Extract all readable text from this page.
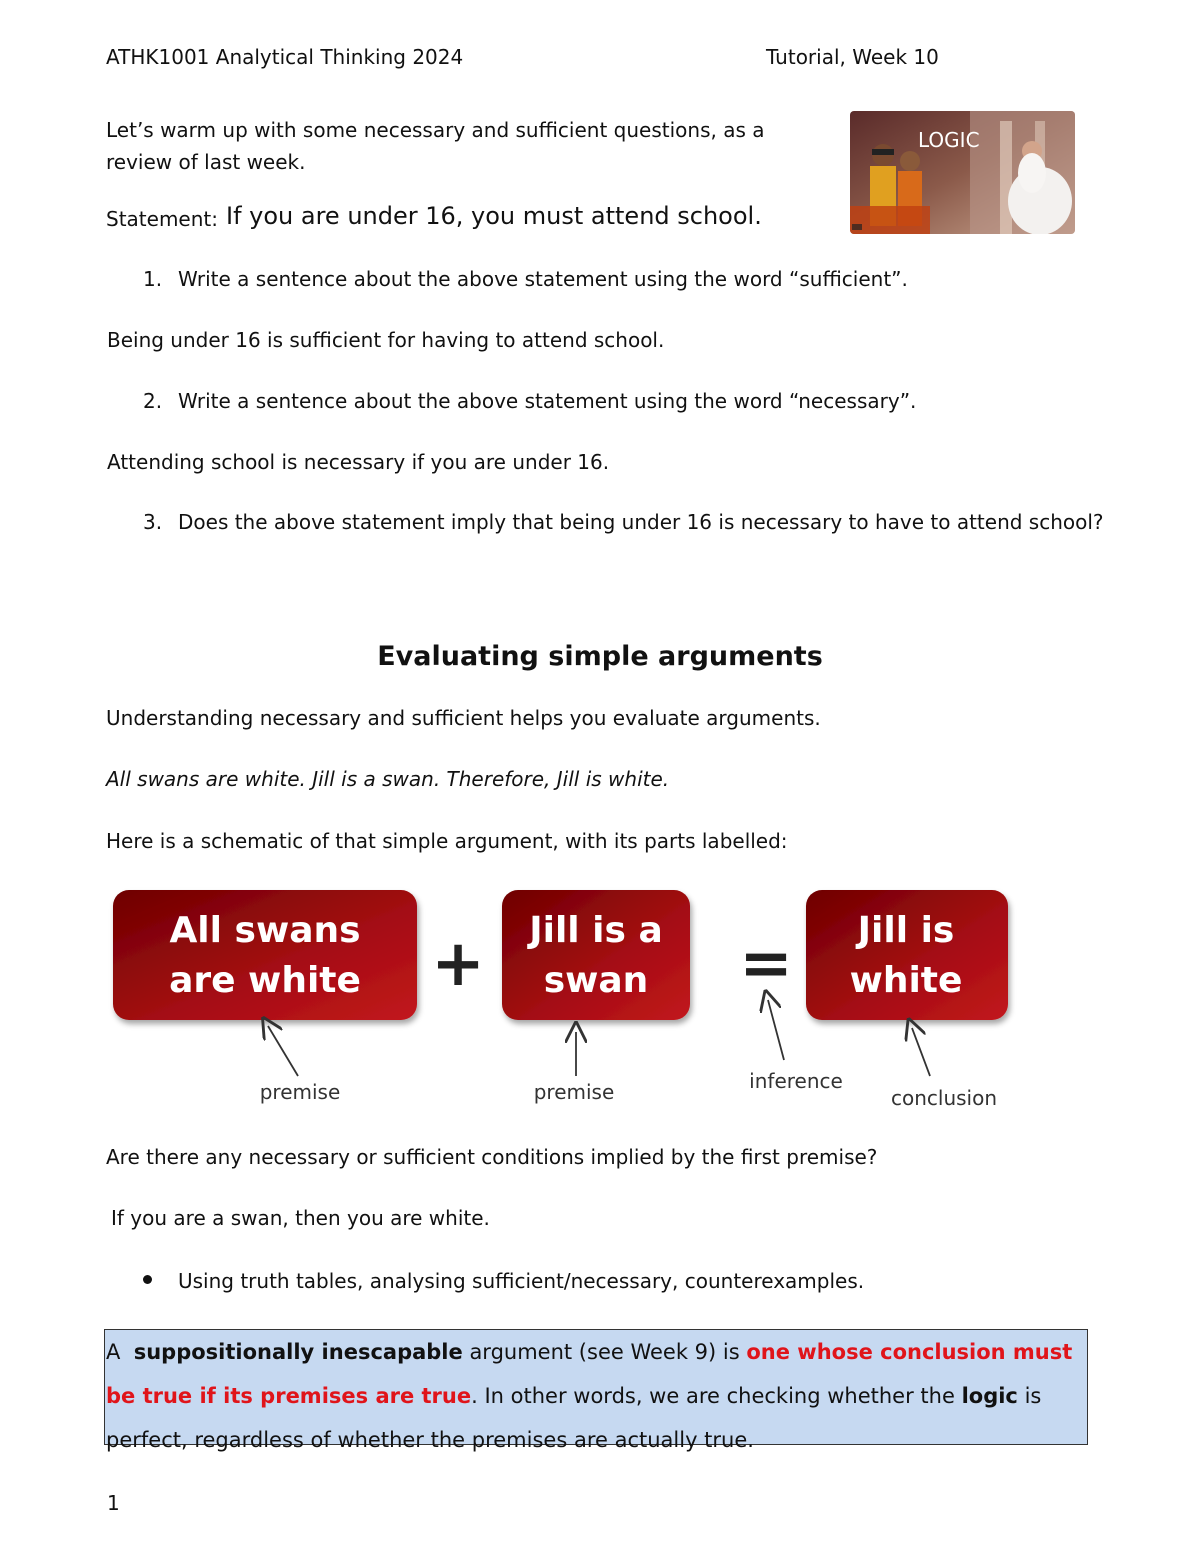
ATHK1001 Analytical Thinking 2024	Tutorial, Week 10
Let’s warm up with some necessary and sufficient questions, as a review of last week.
LOGIC
Statement: If you are under 16, you must attend school.
1. Write a sentence about the above statement using the word “sufficient”.
Being under 16 is sufficient for having to attend school.
2. Write a sentence about the above statement using the word “necessary”.
Attending school is necessary if you are under 16.
3. Does the above statement imply that being under 16 is necessary to have to attend school?
Evaluating simple arguments
Understanding necessary and sufficient helps you evaluate arguments.
All swans are white. Jill is a swan. Therefore, Jill is white.
Here is a schematic of that simple argument, with its parts labelled:
All swans
are white + Jill is a
swan = Jill is
white
premise	premise	inference
conclusion
Are there any necessary or sufficient conditions implied by the first premise?
If you are a swan, then you are white.
Using truth tables, analysing sufficient/necessary, counterexamples.
A suppositionally inescapable argument (see Week 9) is one whose conclusion must be true if its premises are true. In other words, we are checking whether the logic is perfect, regardless of whether the premises are actually true.
1
